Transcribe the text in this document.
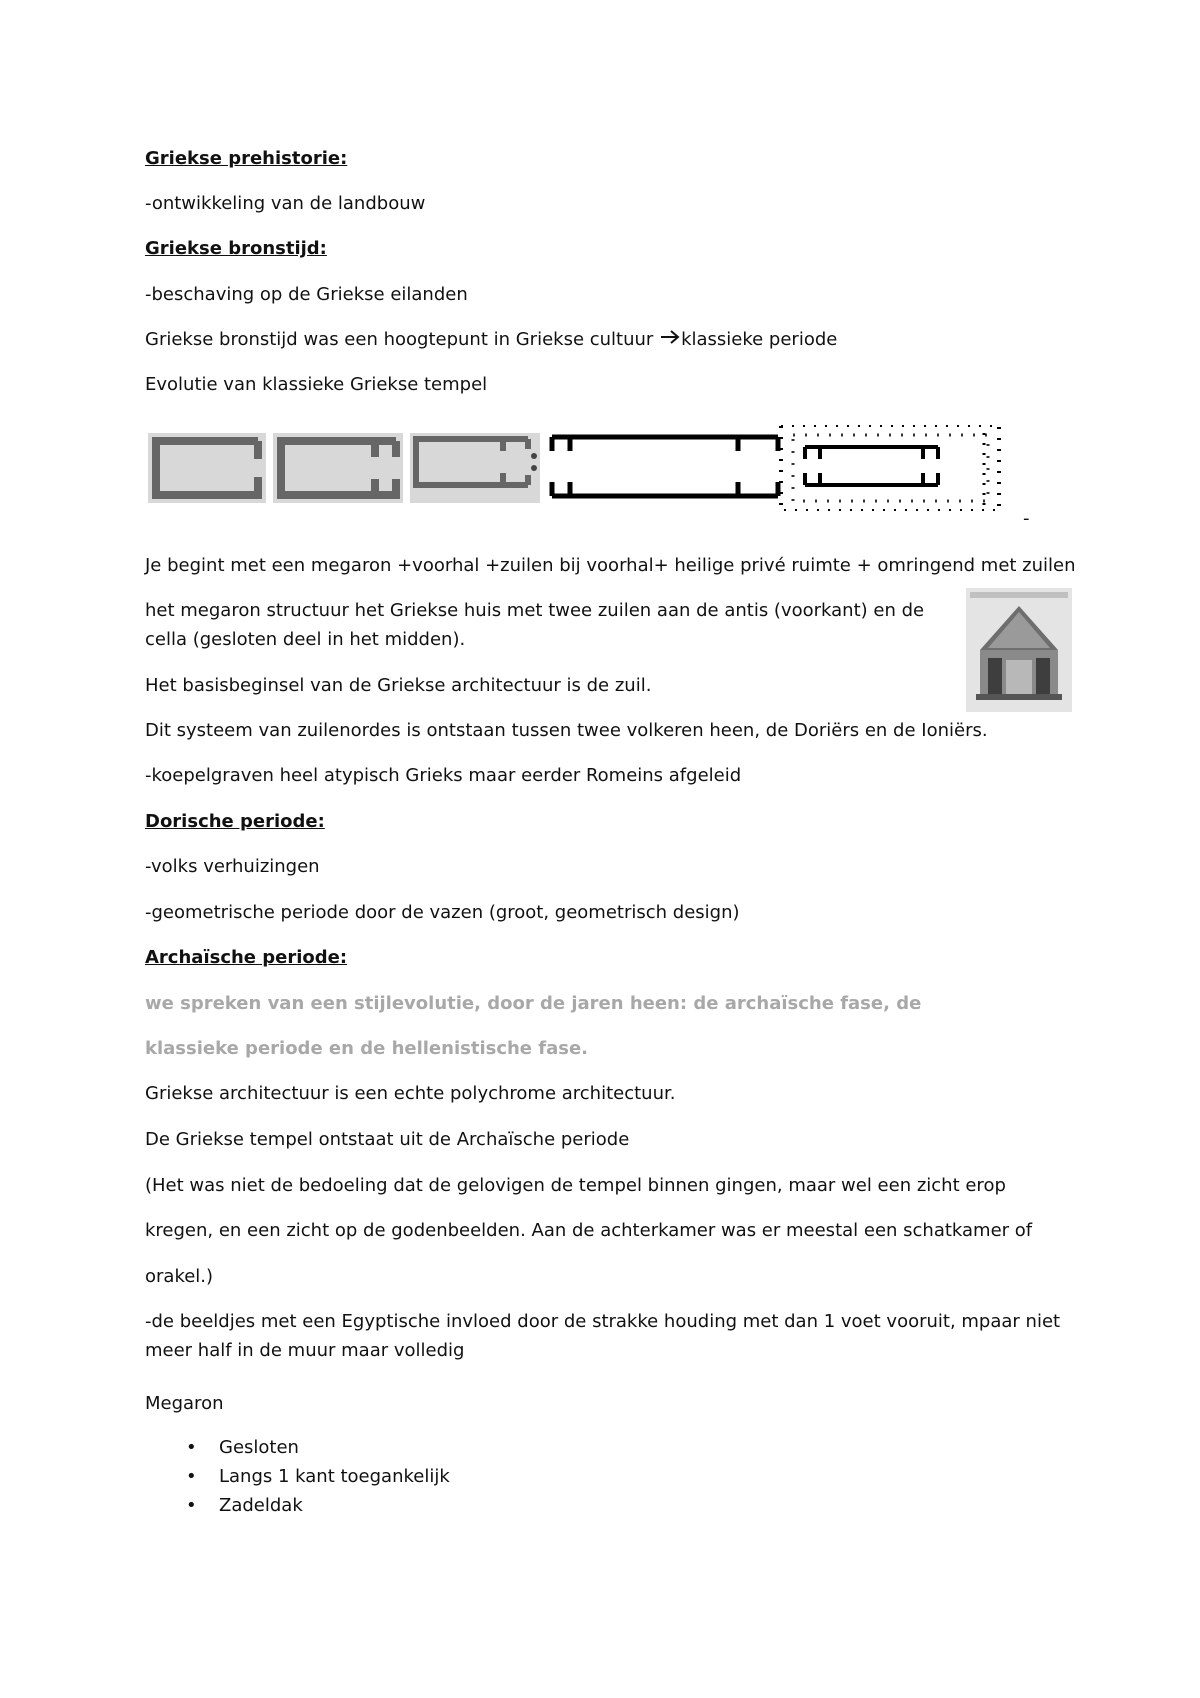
Griekse prehistorie:
-ontwikkeling van de landbouw
Griekse bronstijd:
-beschaving op de Griekse eilanden
Griekse bronstijd was een hoogtepunt in Griekse cultuur klassieke periode
Evolutie van klassieke Griekse tempel
-
Je begint met een megaron +voorhal +zuilen bij voorhal+ heilige privé ruimte + omringend met zuilen
het megaron structuur het Griekse huis met twee zuilen aan de antis (voorkant) en de
cella (gesloten deel in het midden).
Het basisbeginsel van de Griekse architectuur is de zuil.
Dit systeem van zuilenordes is ontstaan tussen twee volkeren heen, de Doriërs en de Ioniërs.
-koepelgraven heel atypisch Grieks maar eerder Romeins afgeleid
Dorische periode:
-volks verhuizingen
-geometrische periode door de vazen (groot, geometrisch design)
Archaïsche periode:
we spreken van een stijlevolutie, door de jaren heen: de archaïsche fase, de
klassieke periode en de hellenistische fase.
Griekse architectuur is een echte polychrome architectuur.
De Griekse tempel ontstaat uit de Archaïsche periode
(Het was niet de bedoeling dat de gelovigen de tempel binnen gingen, maar wel een zicht erop
kregen, en een zicht op de godenbeelden. Aan de achterkamer was er meestal een schatkamer of
orakel.)
-de beeldjes met een Egyptische invloed door de strakke houding met dan 1 voet vooruit, mpaar niet
meer half in de muur maar volledig
Megaron
• Gesloten
• Langs 1 kant toegankelijk
• Zadeldak
